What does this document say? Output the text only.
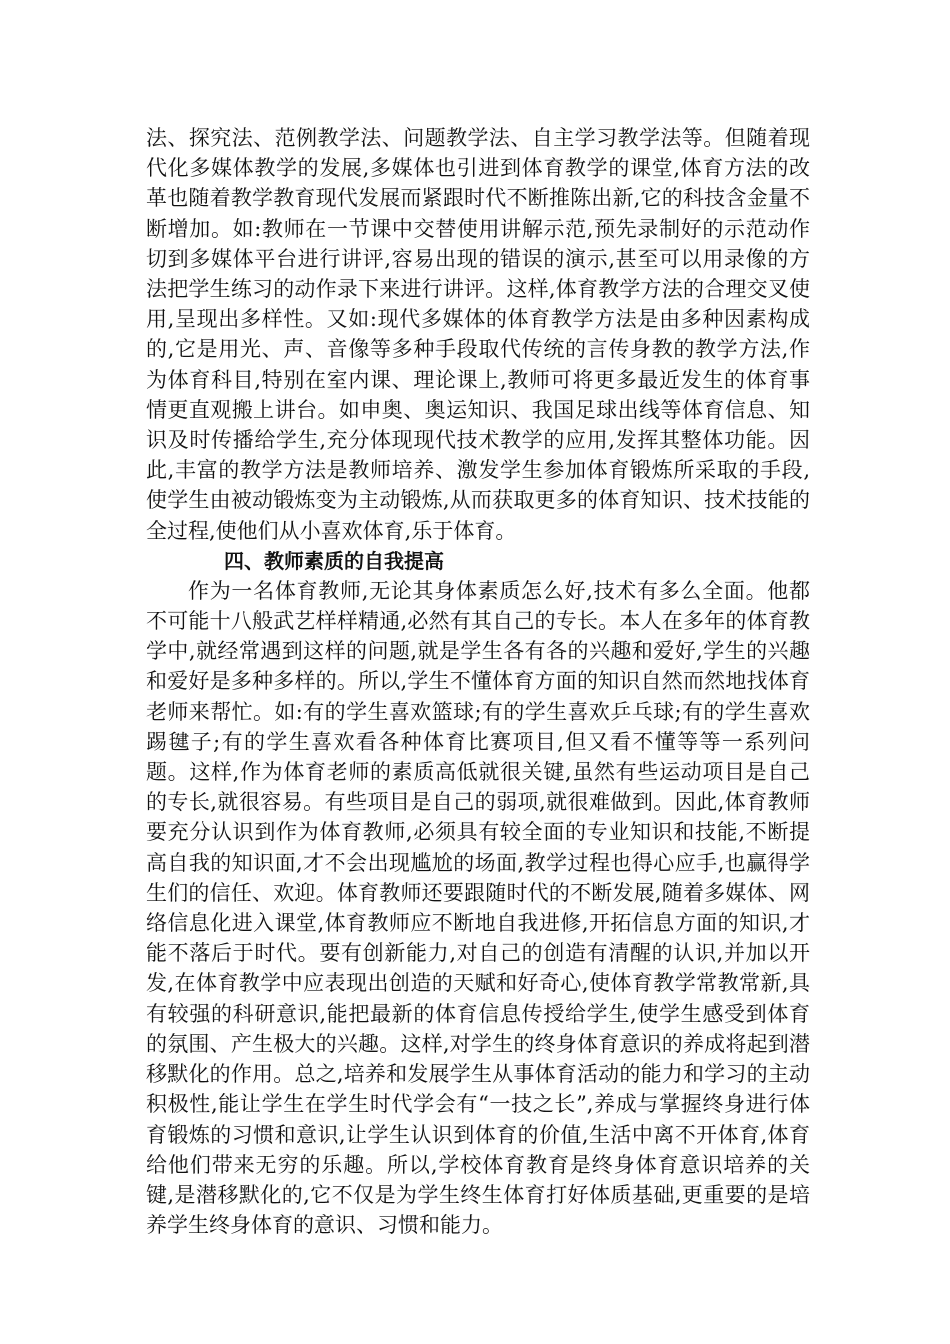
法、探究法、范例教学法、问题教学法、自主学习教学法等。但随着现代化多媒体教学的发展,多媒体也引进到体育教学的课堂,体育方法的改革也随着教学教育现代发展而紧跟时代不断推陈出新,它的科技含金量不断增加。如:教师在一节课中交替使用讲解示范,预先录制好的示范动作切到多媒体平台进行讲评,容易出现的错误的演示,甚至可以用录像的方法把学生练习的动作录下来进行讲评。这样,体育教学方法的合理交叉使用,呈现出多样性。又如:现代多媒体的体育教学方法是由多种因素构成的,它是用光、声、音像等多种手段取代传统的言传身教的教学方法,作为体育科目,特别在室内课、理论课上,教师可将更多最近发生的体育事情更直观搬上讲台。如申奥、奥运知识、我国足球出线等体育信息、知识及时传播给学生,充分体现现代技术教学的应用,发挥其整体功能。因此,丰富的教学方法是教师培养、激发学生参加体育锻炼所采取的手段,使学生由被动锻炼变为主动锻炼,从而获取更多的体育知识、技术技能的全过程,使他们从小喜欢体育,乐于体育。

四、教师素质的自我提高

作为一名体育教师,无论其身体素质怎么好,技术有多么全面。他都不可能十八般武艺样样精通,必然有其自己的专长。本人在多年的体育教学中,就经常遇到这样的问题,就是学生各有各的兴趣和爱好,学生的兴趣和爱好是多种多样的。所以,学生不懂体育方面的知识自然而然地找体育老师来帮忙。如:有的学生喜欢篮球;有的学生喜欢乒乓球;有的学生喜欢踢毽子;有的学生喜欢看各种体育比赛项目,但又看不懂等等一系列问题。这样,作为体育老师的素质高低就很关键,虽然有些运动项目是自己的专长,就很容易。有些项目是自己的弱项,就很难做到。因此,体育教师要充分认识到作为体育教师,必须具有较全面的专业知识和技能,不断提高自我的知识面,才不会出现尴尬的场面,教学过程也得心应手,也赢得学生们的信任、欢迎。体育教师还要跟随时代的不断发展,随着多媒体、网络信息化进入课堂,体育教师应不断地自我进修,开拓信息方面的知识,才能不落后于时代。要有创新能力,对自己的创造有清醒的认识,并加以开发,在体育教学中应表现出创造的天赋和好奇心,使体育教学常教常新,具有较强的科研意识,能把最新的体育信息传授给学生,使学生感受到体育的氛围、产生极大的兴趣。这样,对学生的终身体育意识的养成将起到潜移默化的作用。总之,培养和发展学生从事体育活动的能力和学习的主动积极性,能让学生在学生时代学会有“一技之长”,养成与掌握终身进行体育锻炼的习惯和意识,让学生认识到体育的价值,生活中离不开体育,体育给他们带来无穷的乐趣。所以,学校体育教育是终身体育意识培养的关键,是潜移默化的,它不仅是为学生终生体育打好体质基础,更重要的是培养学生终身体育的意识、习惯和能力。
